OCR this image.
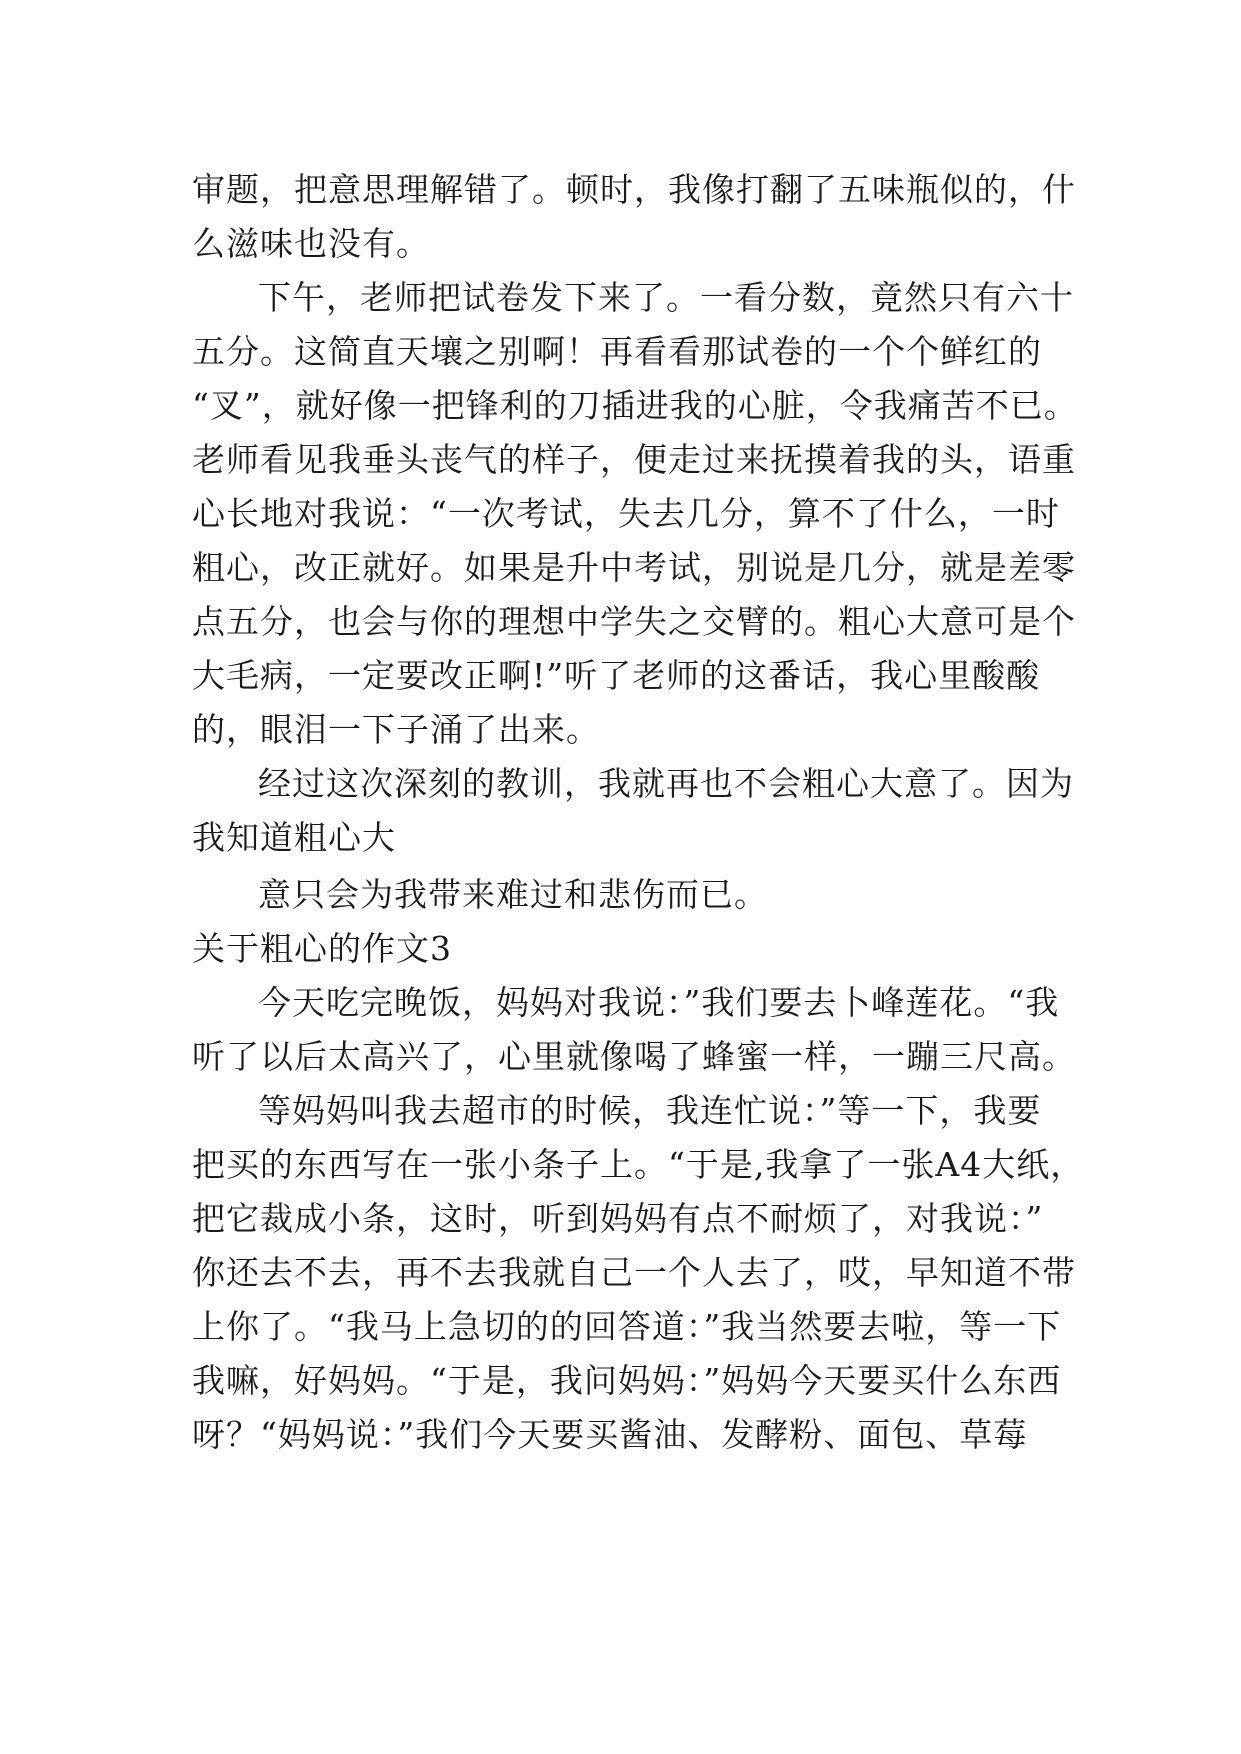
审题，把意思理解错了。顿时，我像打翻了五味瓶似的，什
么滋味也没有。
下午，老师把试卷发下来了。一看分数，竟然只有六十
五分。这简直天壤之别啊！再看看那试卷的一个个鲜红的
“叉”，就好像一把锋利的刀插进我的心脏，令我痛苦不已。
老师看见我垂头丧气的样子，便走过来抚摸着我的头，语重
心长地对我说：“一次考试，失去几分，算不了什么，一时
粗心，改正就好。如果是升中考试，别说是几分，就是差零
点五分，也会与你的理想中学失之交臂的。粗心大意可是个
大毛病，一定要改正啊!”听了老师的这番话，我心里酸酸
的，眼泪一下子涌了出来。
经过这次深刻的教训，我就再也不会粗心大意了。因为
我知道粗心大
意只会为我带来难过和悲伤而已。
关于粗心的作文3
今天吃完晚饭，妈妈对我说：”我们要去卜峰莲花。“我
听了以后太高兴了，心里就像喝了蜂蜜一样，一蹦三尺高。
等妈妈叫我去超市的时候，我连忙说：”等一下，我要
把买的东西写在一张小条子上。“于是,我拿了一张A4大纸，
把它裁成小条，这时，听到妈妈有点不耐烦了，对我说：”
你还去不去，再不去我就自己一个人去了，哎，早知道不带
上你了。“我马上急切的的回答道：”我当然要去啦，等一下
我嘛，好妈妈。“于是，我问妈妈：”妈妈今天要买什么东西
呀？“妈妈说：”我们今天要买酱油、发酵粉、面包、草莓
